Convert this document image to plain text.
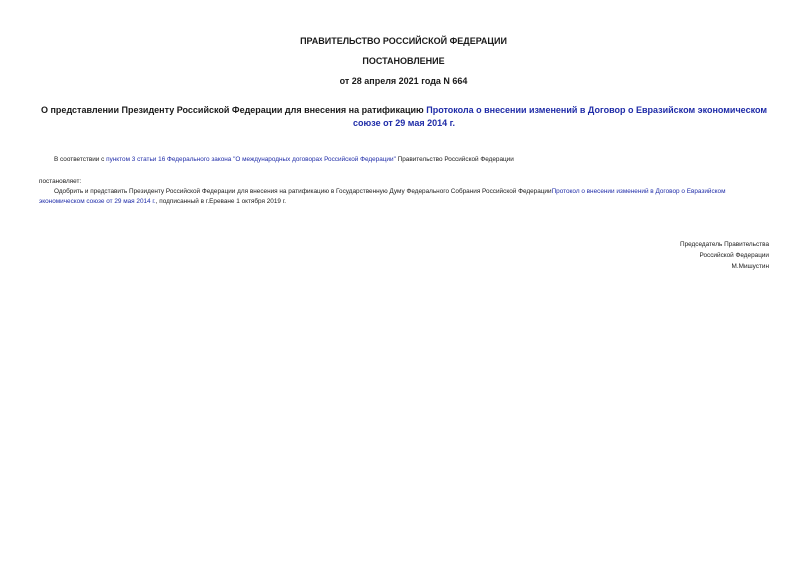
ПРАВИТЕЛЬСТВО РОССИЙСКОЙ ФЕДЕРАЦИИ
ПОСТАНОВЛЕНИЕ
от 28 апреля 2021 года N 664
О представлении Президенту Российской Федерации для внесения на ратификацию Протокола о внесении изменений в Договор о Евразийском экономическом союзе от 29 мая 2014 г.
В соответствии с пунктом 3 статьи 16 Федерального закона "О международных договорах Российской Федерации" Правительство Российской Федерации
постановляет:
Одобрить и представить Президенту Российской Федерации для внесения на ратификацию в Государственную Думу Федерального Собрания Российской ФедерацииПротокол о внесении изменений в Договор о Евразийском экономическом союзе от 29 мая 2014 г., подписанный в г.Ереване 1 октября 2019 г.
Председатель Правительства
Российской Федерации
М.Мишустин
